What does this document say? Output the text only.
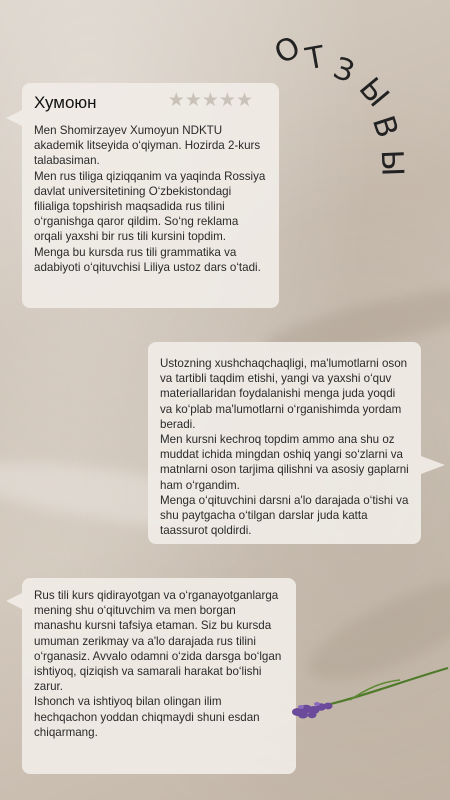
О
Т З
Ы
В
Ы
Хумоюн	★★★★★

Men Shomirzayev Xumoyun NDKTU akademik litseyida o‘qiyman. Hozirda 2-kurs talabasiman.

Men rus tiliga qiziqqanim va yaqinda Rossiya davlat universitetining O‘zbekistondagi filialiga topshirish maqsadida rus tilini o‘rganishga qaror qildim. So‘ng reklama orqali yaxshi bir rus tili kursini topdim.

Menga bu kursda rus tili grammatika va adabiyoti o‘qituvchisi Liliya ustoz dars o‘tadi.

Ustozning xushchaqchaqligi, ma'lumotlarni oson va tartibli taqdim etishi, yangi va yaxshi o‘quv materiallaridan foydalanishi menga juda yoqdi va ko‘plab ma'lumotlarni o‘rganishimda yordam beradi.

Men kursni kechroq topdim ammo ana shu oz muddat ichida mingdan oshiq yangi so‘zlarni va matnlarni oson tarjima qilishni va asosiy gaplarni ham o‘rgandim.

Menga o‘qituvchini darsni a'lo darajada o‘tishi va shu paytgacha o‘tilgan darslar juda katta taassurot qoldirdi.

Rus tili kurs qidirayotgan va o‘rganayotganlarga mening shu o‘qituvchim va men borgan manashu kursni tafsiya etaman. Siz bu kursda umuman zerikmay va a'lo darajada rus tilini o‘rganasiz. Avvalo odamni o‘zida darsga bo‘lgan ishtiyoq, qiziqish va samarali harakat bo‘lishi zarur.

Ishonch va ishtiyoq bilan olingan ilim hechqachon yoddan chiqmaydi shuni esdan chiqarmang.
